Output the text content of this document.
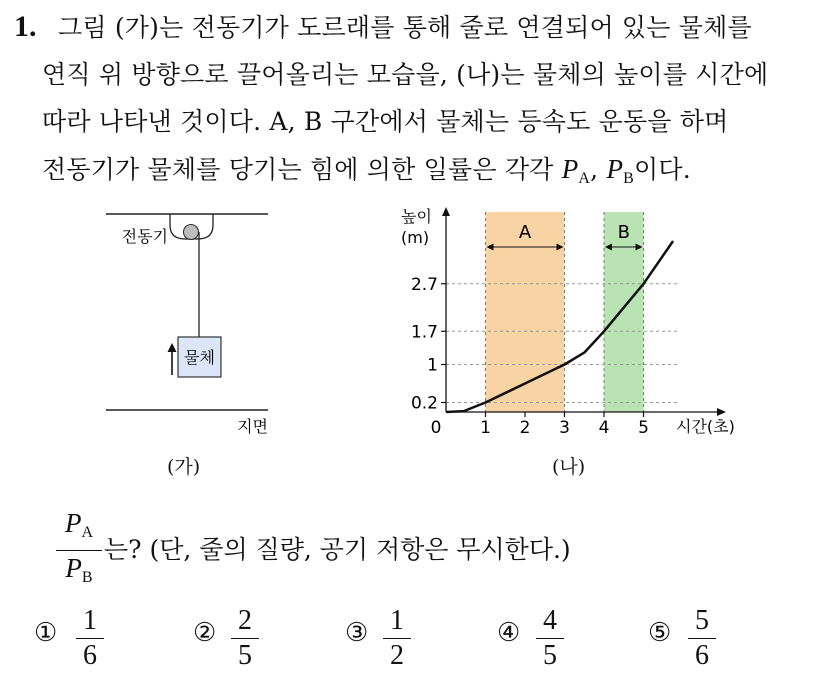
1. 그림 (가)는 전동기가 도르래를 통해 줄로 연결되어 있는 물체를
연직 위 방향으로 끌어올리는 모습을, (나)는 물체의 높이를 시간에
따라 나타낸 것이다. A, B 구간에서 물체는 등속도 운동을 하며
전동기가 물체를 당기는 힘에 의한 일률은 각각 $P_A$, $P_B$이다.
전동기
물체
지면
(가)
0.2
1
1.7
2.7
0 1 2 3 4 5
A	B
높이
(m)
시간(초)
(나)
$P_A$
$P_B$
는? (단, 줄의 질량, 공기 저항은 무시한다.)
① 1
6
② 2
5
③ 1
2
④ 4
5
⑤ 5
6
